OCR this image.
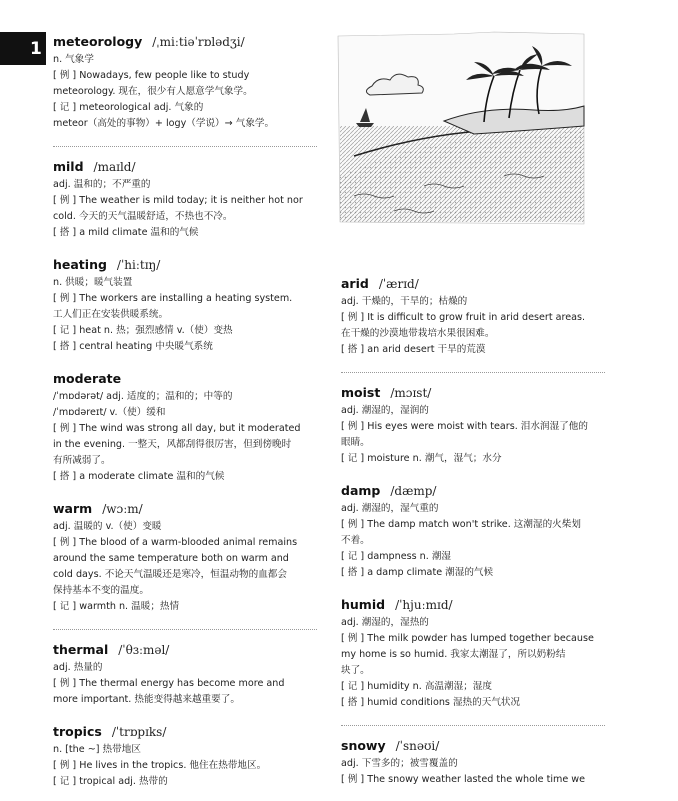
1 meteorology /ˌmiːtiəˈrɒlədʒi/
n. 气象学
[ 例 ] Nowadays, few people like to study
meteorology. 现在，很少有人愿意学气象学。
[ 记 ] meteorological adj. 气象的
meteor（高处的事物）+ logy（学说）→ 气象学。
mild /maɪld/
adj. 温和的；不严重的
[ 例 ] The weather is mild today; it is neither hot nor
cold. 今天的天气温暖舒适，不热也不冷。
[ 搭 ] a mild climate 温和的气候
heating /ˈhiːtɪŋ/
n. 供暖；暖气装置
[ 例 ] The workers are installing a heating system.
工人们正在安装供暖系统。
[ 记 ] heat n. 热；强烈感情 v.（使）变热
[ 搭 ] central heating 中央暖气系统
moderate
/ˈmɒdərət/ adj. 适度的；温和的；中等的
/ˈmɒdəreɪt/ v.（使）缓和
[ 例 ] The wind was strong all day, but it moderated
in the evening. 一整天，风都刮得很厉害，但到傍晚时
有所减弱了。
[ 搭 ] a moderate climate 温和的气候
warm /wɔːm/
adj. 温暖的 v.（使）变暖
[ 例 ] The blood of a warm-blooded animal remains
around the same temperature both on warm and
cold days. 不论天气温暖还是寒冷，恒温动物的血都会
保持基本不变的温度。
[ 记 ] warmth n. 温暖；热情
thermal /ˈθɜːməl/
adj. 热量的
[ 例 ] The thermal energy has become more and
more important. 热能变得越来越重要了。
tropics /ˈtrɒpɪks/
n. [the ~] 热带地区
[ 例 ] He lives in the tropics. 他住在热带地区。
[ 记 ] tropical adj. 热带的
arid /ˈærɪd/
adj. 干燥的，干旱的；枯燥的
[ 例 ] It is difficult to grow fruit in arid desert areas.
在干燥的沙漠地带栽培水果很困难。
[ 搭 ] an arid desert 干旱的荒漠
moist /mɔɪst/
adj. 潮湿的，湿润的
[ 例 ] His eyes were moist with tears. 泪水润湿了他的
眼睛。
[ 记 ] moisture n. 潮气，湿气；水分
damp /dæmp/
adj. 潮湿的，湿气重的
[ 例 ] The damp match won't strike. 这潮湿的火柴划
不着。
[ 记 ] dampness n. 潮湿
[ 搭 ] a damp climate 潮湿的气候
humid /ˈhjuːmɪd/
adj. 潮湿的，湿热的
[ 例 ] The milk powder has lumped together because
my home is so humid. 我家太潮湿了，所以奶粉结
块了。
[ 记 ] humidity n. 高温潮湿；湿度
[ 搭 ] humid conditions 湿热的天气状况
snowy /ˈsnəʊi/
adj. 下雪多的；被雪覆盖的
[ 例 ] The snowy weather lasted the whole time we
